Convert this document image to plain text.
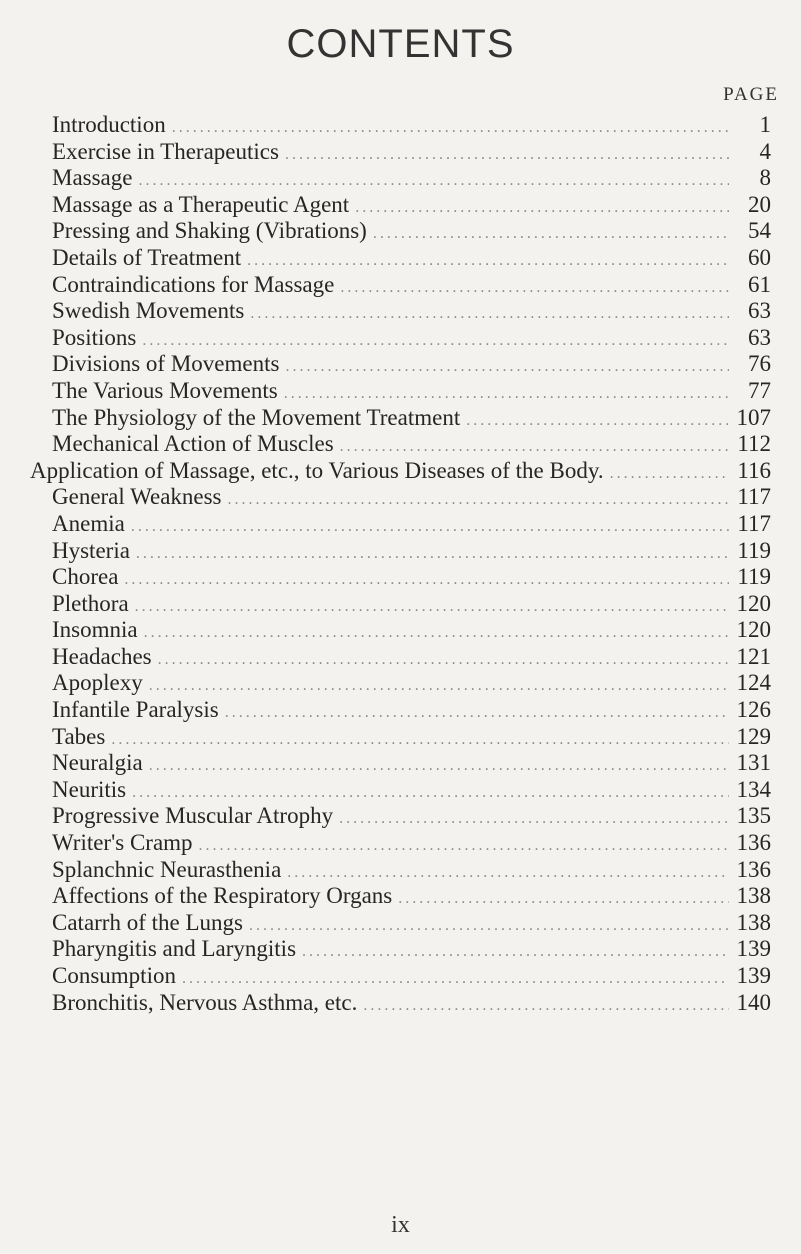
CONTENTS
PAGE
Introduction .....	1
Exercise in Therapeutics .....	4
Massage .....	8
Massage as a Therapeutic Agent .....	20
Pressing and Shaking (Vibrations) .....	54
Details of Treatment .....	60
Contraindications for Massage .....	61
Swedish Movements .....	63
Positions .....	63
Divisions of Movements .....	76
The Various Movements .....	77
The Physiology of the Movement Treatment .....	107
Mechanical Action of Muscles .....	112
Application of Massage, etc., to Various Diseases of the Body. .....	116
General Weakness .....	117
Anemia .....	117
Hysteria .....	119
Chorea .....	119
Plethora .....	120
Insomnia .....	120
Headaches .....	121
Apoplexy .....	124
Infantile Paralysis .....	126
Tabes .....	129
Neuralgia .....	131
Neuritis .....	134
Progressive Muscular Atrophy .....	135
Writer's Cramp .....	136
Splanchnic Neurasthenia .....	136
Affections of the Respiratory Organs .....	138
Catarrh of the Lungs .....	138
Pharyngitis and Laryngitis .....	139
Consumption .....	139
Bronchitis, Nervous Asthma, etc. .....	140
ix
